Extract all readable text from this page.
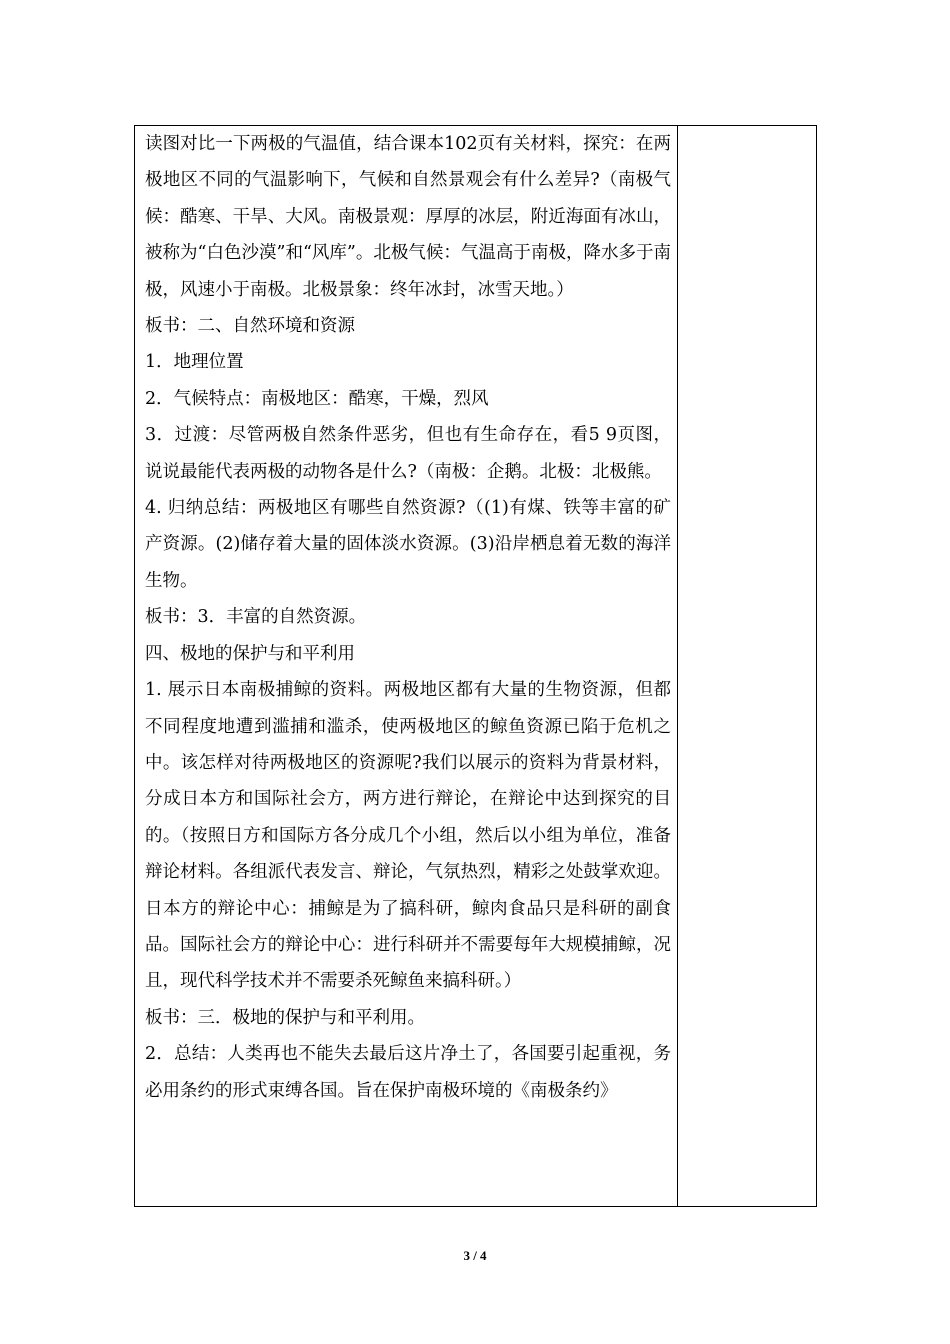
读图对比一下两极的气温值，结合课本102页有关材料，探究：在两极地区不同的气温影响下，气候和自然景观会有什么差异?（南极气候：酷寒、干旱、大风。南极景观：厚厚的冰层，附近海面有冰山，被称为“白色沙漠”和“风库”。北极气候：气温高于南极，降水多于南极，风速小于南极。北极景象：终年冰封，冰雪天地。）

板书：二、自然环境和资源

1．地理位置

2．气候特点：南极地区：酷寒，干燥，烈风

3．过渡：尽管两极自然条件恶劣，但也有生命存在，看5 9页图，说说最能代表两极的动物各是什么?（南极：企鹅。北极：北极熊。

4. 归纳总结：两极地区有哪些自然资源?（(1)有煤、铁等丰富的矿产资源。(2)储存着大量的固体淡水资源。(3)沿岸栖息着无数的海洋生物。

板书：3．丰富的自然资源。

四、极地的保护与和平利用

1. 展示日本南极捕鲸的资料。两极地区都有大量的生物资源，但都不同程度地遭到滥捕和滥杀，使两极地区的鲸鱼资源已陷于危机之中。该怎样对待两极地区的资源呢?我们以展示的资料为背景材料，分成日本方和国际社会方，两方进行辩论，在辩论中达到探究的目的。（按照日方和国际方各分成几个小组，然后以小组为单位，准备辩论材料。各组派代表发言、辩论，气氛热烈，精彩之处鼓掌欢迎。日本方的辩论中心：捕鲸是为了搞科研，鲸肉食品只是科研的副食品。国际社会方的辩论中心：进行科研并不需要每年大规模捕鲸，况且，现代科学技术并不需要杀死鲸鱼来搞科研。）

板书：三．极地的保护与和平利用。

2．总结：人类再也不能失去最后这片净土了，各国要引起重视，务必用条约的形式束缚各国。旨在保护南极环境的《南极条约》

3 / 4
